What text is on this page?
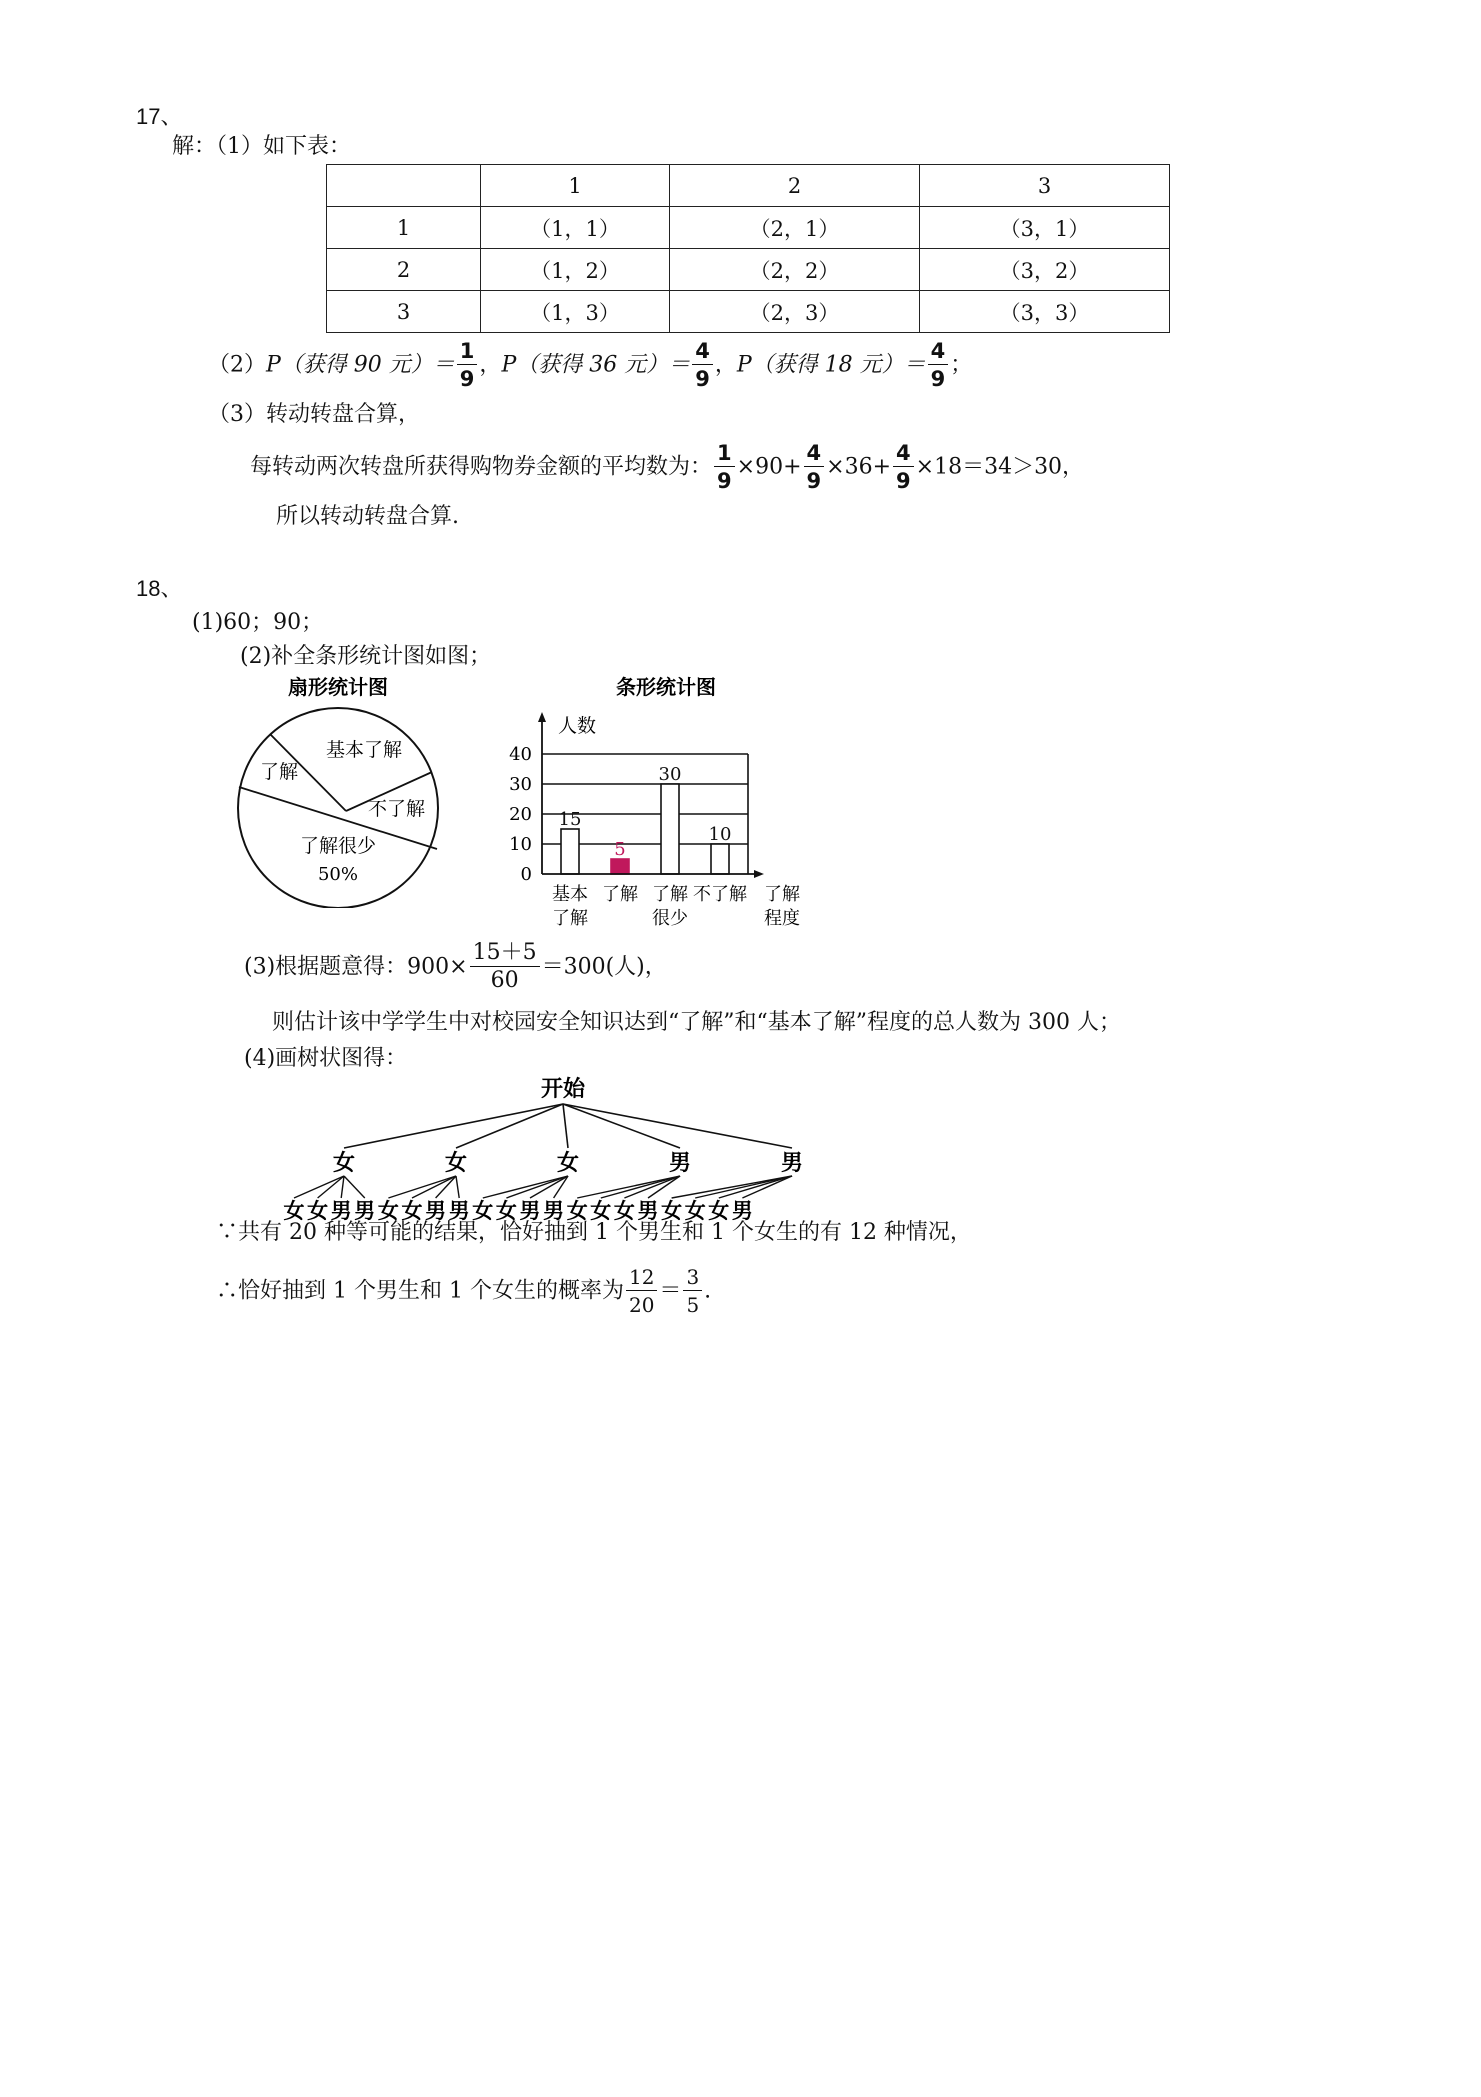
17、
解：（1）如下表：
	1	2	3
1	（1，1）	（2，1）	（3，1）
2	（1，2）	（2，2）	（3，2）
3	（1，3）	（2，3）	（3，3）
（2）P（获得 90 元）＝ $\frac{1}{9}$ ，P（获得 36 元）＝ $\frac{4}{9}$ ，P（获得 18 元）＝ $\frac{4}{9}$ ；
（3）转动转盘合算，
每转动两次转盘所获得购物券金额的平均数为： $\frac{1}{9} \times 90+ \frac{4}{9} \times 36+ \frac{4}{9} \times 18=34>30$，
所以转动转盘合算.
18、
(1)60；90；
(2)补全条形统计图如图；
扇形统计图
基本了解
了解
不了解
了解很少
50%
条形统计图
人数
0
10
20
30
40
15
5
30
10
基本
了解
了解 了解
很少
不了解 了解
程度
(3)根据题意得：$900\times \frac{15+5}{60} =300$(人)，
则估计该中学学生中对校园安全知识达到“了解”和“基本了解”程度的总人数为 300 人；
(4)画树状图得：
开始
女
女 女 男 男
女
女 女 男 男
女
女 女 男 男
男
女 女 女 男
男
女 女 女 男
∵共有 20 种等可能的结果，恰好抽到 1 个男生和 1 个女生的有 12 种情况，
∴恰好抽到 1 个男生和 1 个女生的概率为 $\frac{12}{20} = \frac{3}{5}$ .
